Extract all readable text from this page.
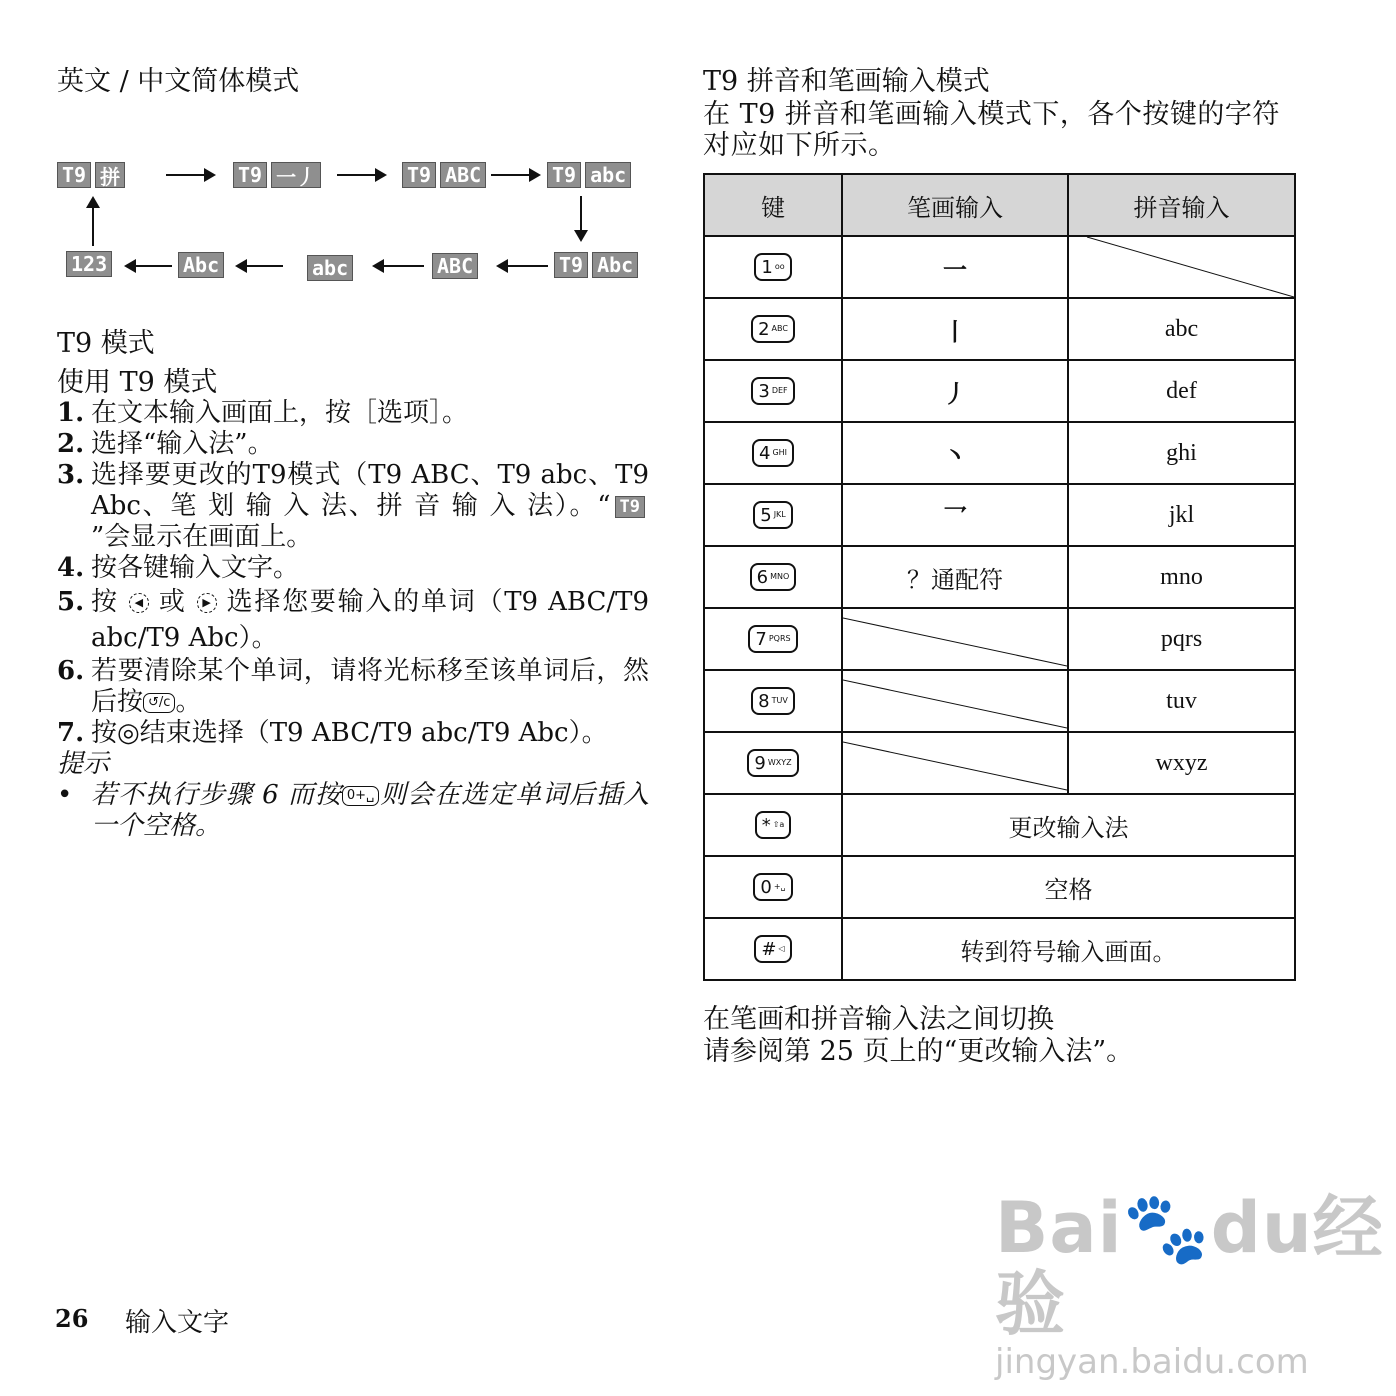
英文 / 中文简体模式
T9 拼	T9 一丿	T9 ABC	T9 abc
T9 Abc
ABC
abc
Abc
123
T9 模式
使用 T9 模式
1. 在文本输入画面上，按［选项］。
2. 选择“输入法”。
3. 选择要更改的T9模式（T9 ABC、T9 abc、T9 Abc、笔 划 输 入 法、拼 音 输 入 法）。“ T9”会显示在画面上。
4. 按各键输入文字。
5. 按 ◀ 或 ▶ 选择您要输入的单词（T9 ABC/T9 abc/T9 Abc）。
6. 若要清除某个单词，请将光标移至该单词后，然后按 ↺/c 。
7. 按◎结束选择（T9 ABC/T9 abc/T9 Abc）。
提示
• 若不执行步骤 6 而按 0+␣ 则会在选定单词后插入一个空格。
T9 拼音和笔画输入模式
在 T9 拼音和笔画输入模式下，各个按键的字符对应如下所示。
键	笔画输入	拼音输入

1 oo	一	

2 ABC	丨	abc

3 DEF	丿	def

4 GHI	丶	ghi

5 JKL	乛	jkl

6 MNO	？通配符	mno

7 PQRS		pqrs

8 TUV		tuv

9 WXYZ		wxyz

* ⇧a	更改输入法	

0 +␣	空格	

# ◁	转到符号输入画面。	
在笔画和拼音输入法之间切换
请参阅第 25 页上的“更改输入法”。
26 输入文字
Bai🐾du经验
jingyan.baidu.com
